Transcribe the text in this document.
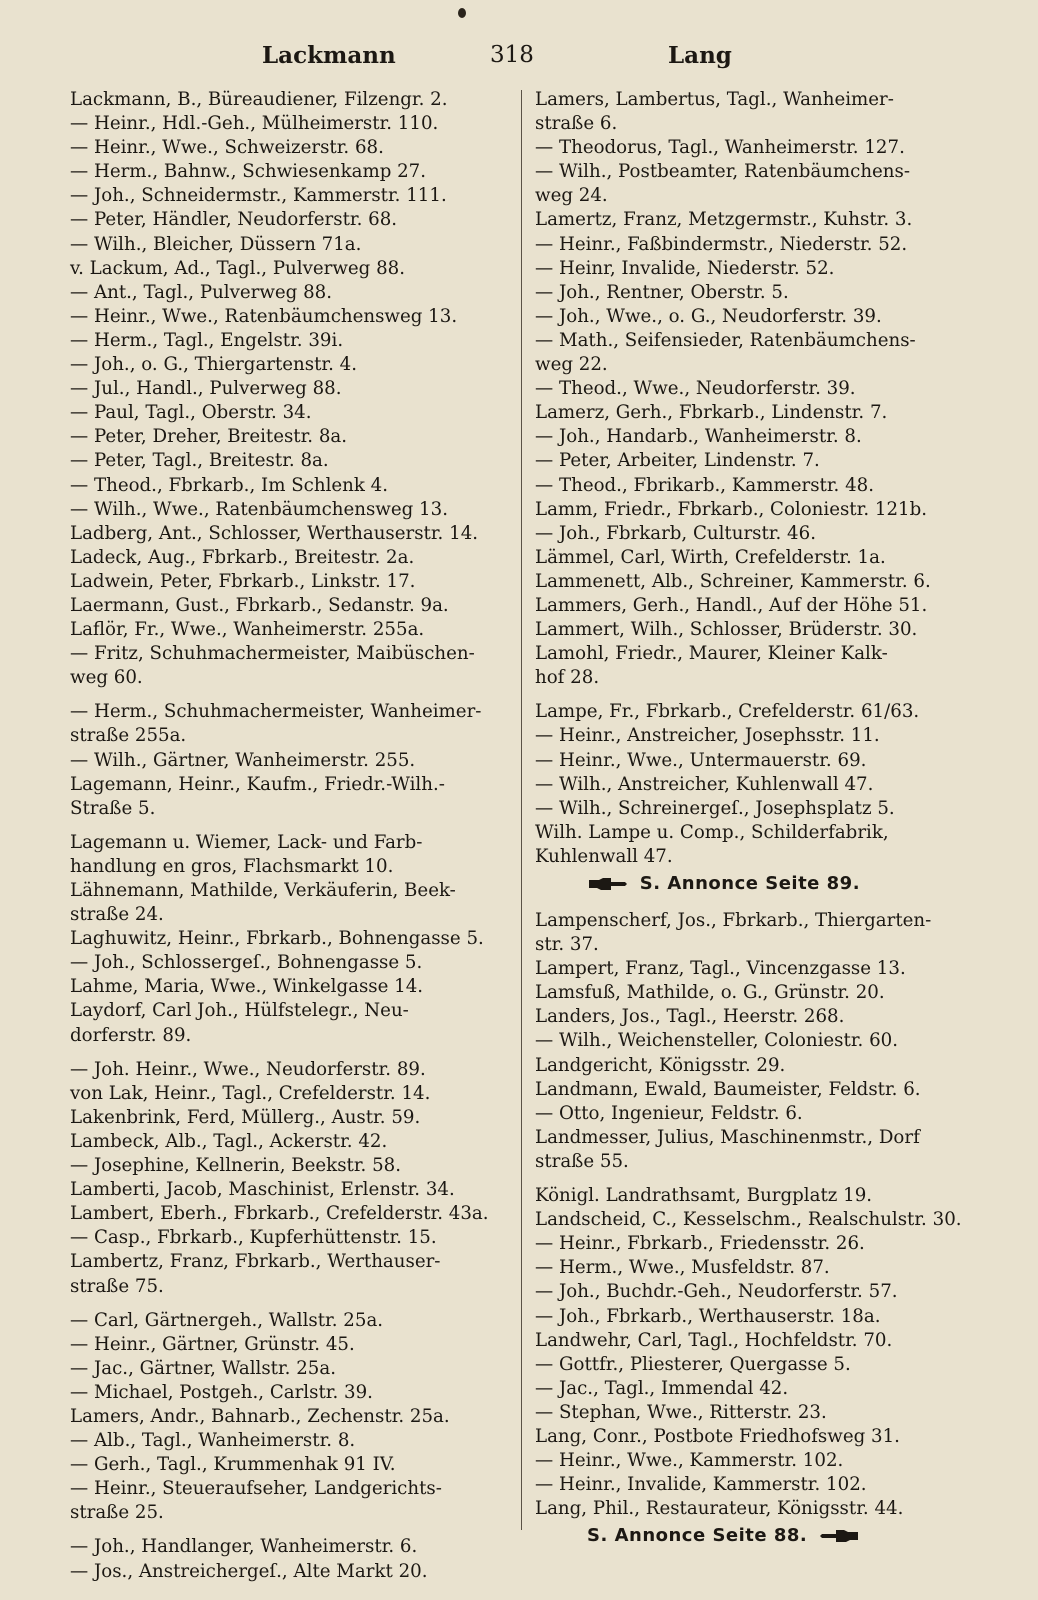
Lackmann	318	Lang
Lackmann, B., Büreaudiener, Filzengr. 2.
— Heinr., Hdl.-Geh., Mülheimerstr. 110.
— Heinr., Wwe., Schweizerstr. 68.
— Herm., Bahnw., Schwiesenkamp 27.
— Joh., Schneidermstr., Kammerstr. 111.
— Peter, Händler, Neudorferstr. 68.
— Wilh., Bleicher, Düssern 71a.
v. Lackum, Ad., Tagl., Pulverweg 88.
— Ant., Tagl., Pulverweg 88.
— Heinr., Wwe., Ratenbäumchensweg 13.
— Herm., Tagl., Engelstr. 39i.
— Joh., o. G., Thiergartenstr. 4.
— Jul., Handl., Pulverweg 88.
— Paul, Tagl., Oberstr. 34.
— Peter, Dreher, Breitestr. 8a.
— Peter, Tagl., Breitestr. 8a.
— Theod., Fbrkarb., Im Schlenk 4.
— Wilh., Wwe., Ratenbäumchensweg 13.
Ladberg, Ant., Schlosser, Werthauserstr. 14.
Ladeck, Aug., Fbrkarb., Breitestr. 2a.
Ladwein, Peter, Fbrkarb., Linkstr. 17.
Laermann, Gust., Fbrkarb., Sedanstr. 9a.
Laflör, Fr., Wwe., Wanheimerstr. 255a.
— Fritz, Schuhmachermeister, Maibüschen-
weg 60.
— Herm., Schuhmachermeister, Wanheimer-
straße 255a.
— Wilh., Gärtner, Wanheimerstr. 255.
Lagemann, Heinr., Kaufm., Friedr.-Wilh.-
Straße 5.
Lagemann u. Wiemer, Lack- und Farb-
handlung en gros, Flachsmarkt 10.
Lähnemann, Mathilde, Verkäuferin, Beek-
straße 24.
Laghuwitz, Heinr., Fbrkarb., Bohnengasse 5.
— Joh., Schlossergeſ., Bohnengasse 5.
Lahme, Maria, Wwe., Winkelgasse 14.
Laydorf, Carl Joh., Hülfstelegr., Neu-
dorferstr. 89.
— Joh. Heinr., Wwe., Neudorferstr. 89.
von Lak, Heinr., Tagl., Crefelderstr. 14.
Lakenbrink, Ferd, Müllerg., Austr. 59.
Lambeck, Alb., Tagl., Ackerstr. 42.
— Josephine, Kellnerin, Beekstr. 58.
Lamberti, Jacob, Maschinist, Erlenstr. 34.
Lambert, Eberh., Fbrkarb., Crefelderstr. 43a.
— Casp., Fbrkarb., Kupferhüttenstr. 15.
Lambertz, Franz, Fbrkarb., Werthauser-
straße 75.
— Carl, Gärtnergeh., Wallstr. 25a.
— Heinr., Gärtner, Grünstr. 45.
— Jac., Gärtner, Wallstr. 25a.
— Michael, Postgeh., Carlstr. 39.
Lamers, Andr., Bahnarb., Zechenstr. 25a.
— Alb., Tagl., Wanheimerstr. 8.
— Gerh., Tagl., Krummenhak 91 IV.
— Heinr., Steueraufseher, Landgerichts-
straße 25.
— Joh., Handlanger, Wanheimerstr. 6.
— Jos., Anstreichergeſ., Alte Markt 20.
Lamers, Lambertus, Tagl., Wanheimer-
straße 6.
— Theodorus, Tagl., Wanheimerstr. 127.
— Wilh., Postbeamter, Ratenbäumchens-
weg 24.
Lamertz, Franz, Metzgermstr., Kuhstr. 3.
— Heinr., Faßbindermstr., Niederstr. 52.
— Heinr, Invalide, Niederstr. 52.
— Joh., Rentner, Oberstr. 5.
— Joh., Wwe., o. G., Neudorferstr. 39.
— Math., Seifensieder, Ratenbäumchens-
weg 22.
— Theod., Wwe., Neudorferstr. 39.
Lamerz, Gerh., Fbrkarb., Lindenstr. 7.
— Joh., Handarb., Wanheimerstr. 8.
— Peter, Arbeiter, Lindenstr. 7.
— Theod., Fbrikarb., Kammerstr. 48.
Lamm, Friedr., Fbrkarb., Coloniestr. 121b.
— Joh., Fbrkarb, Culturstr. 46.
Lämmel, Carl, Wirth, Crefelderstr. 1a.
Lammenett, Alb., Schreiner, Kammerstr. 6.
Lammers, Gerh., Handl., Auf der Höhe 51.
Lammert, Wilh., Schlosser, Brüderstr. 30.
Lamohl, Friedr., Maurer, Kleiner Kalk-
hof 28.
Lampe, Fr., Fbrkarb., Crefelderstr. 61/63.
— Heinr., Anstreicher, Josephsstr. 11.
— Heinr., Wwe., Untermauerstr. 69.
— Wilh., Anstreicher, Kuhlenwall 47.
— Wilh., Schreinergeſ., Josephsplatz 5.
Wilh. Lampe u. Comp., Schilderfabrik,
Kuhlenwall 47.
S. Annonce Seite 89.
Lampenscherf, Jos., Fbrkarb., Thiergarten-
str. 37.
Lampert, Franz, Tagl., Vincenzgasse 13.
Lamsfuß, Mathilde, o. G., Grünstr. 20.
Landers, Jos., Tagl., Heerstr. 268.
— Wilh., Weichensteller, Coloniestr. 60.
Landgericht, Königsstr. 29.
Landmann, Ewald, Baumeister, Feldstr. 6.
— Otto, Ingenieur, Feldstr. 6.
Landmesser, Julius, Maschinenmstr., Dorf
straße 55.
Königl. Landrathsamt, Burgplatz 19.
Landscheid, C., Kesselschm., Realschulstr. 30.
— Heinr., Fbrkarb., Friedensstr. 26.
— Herm., Wwe., Musfeldstr. 87.
— Joh., Buchdr.-Geh., Neudorferstr. 57.
— Joh., Fbrkarb., Werthauserstr. 18a.
Landwehr, Carl, Tagl., Hochfeldstr. 70.
— Gottfr., Pliesterer, Quergasse 5.
— Jac., Tagl., Immendal 42.
— Stephan, Wwe., Ritterstr. 23.
Lang, Conr., Postbote Friedhofsweg 31.
— Heinr., Wwe., Kammerstr. 102.
— Heinr., Invalide, Kammerstr. 102.
Lang, Phil., Restaurateur, Königsstr. 44.
S. Annonce Seite 88.
